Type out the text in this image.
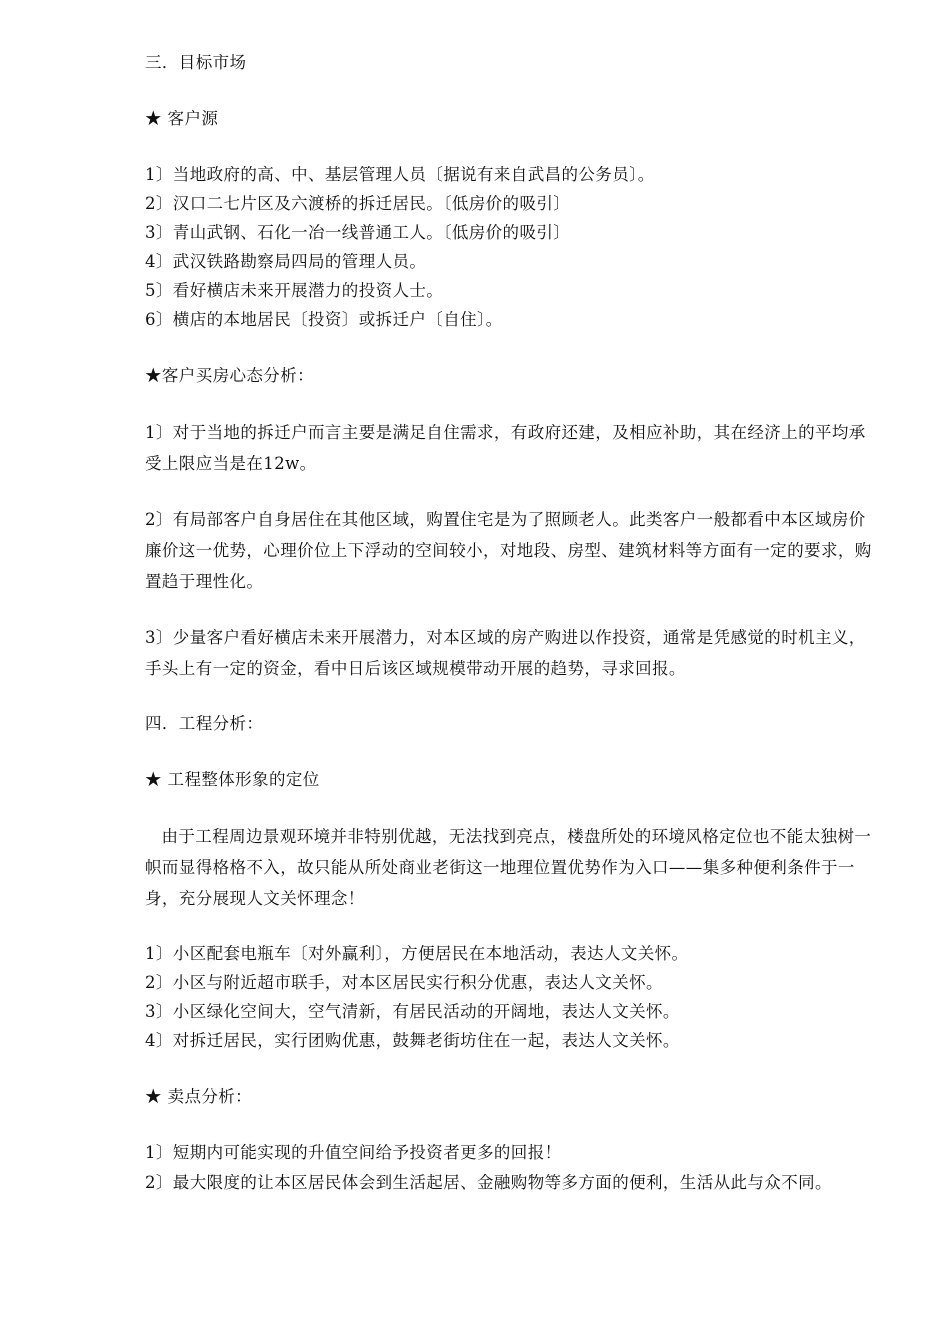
三．目标市场
★ 客户源
1〕当地政府的高、中、基层管理人员〔据说有来自武昌的公务员〕。
2〕汉口二七片区及六渡桥的拆迁居民。〔低房价的吸引〕
3〕青山武钢、石化一冶一线普通工人。〔低房价的吸引〕
4〕武汉铁路勘察局四局的管理人员。
5〕看好横店未来开展潜力的投资人士。
6〕横店的本地居民〔投资〕或拆迁户〔自住〕。
★客户买房心态分析：

1〕对于当地的拆迁户而言主要是满足自住需求，有政府还建，及相应补助，其在经济上的平均承受上限应当是在12w。

2〕有局部客户自身居住在其他区域，购置住宅是为了照顾老人。此类客户一般都看中本区域房价廉价这一优势，心理价位上下浮动的空间较小，对地段、房型、建筑材料等方面有一定的要求，购置趋于理性化。

3〕少量客户看好横店未来开展潜力，对本区域的房产购进以作投资，通常是凭感觉的时机主义，手头上有一定的资金，看中日后该区域规模带动开展的趋势，寻求回报。

四．工程分析：
★ 工程整体形象的定位

由于工程周边景观环境并非特别优越，无法找到亮点，楼盘所处的环境风格定位也不能太独树一帜而显得格格不入，故只能从所处商业老街这一地理位置优势作为入口——集多种便利条件于一身，充分展现人文关怀理念！

1〕小区配套电瓶车〔对外赢利〕，方便居民在本地活动，表达人文关怀。
2〕小区与附近超市联手，对本区居民实行积分优惠，表达人文关怀。
3〕小区绿化空间大，空气清新，有居民活动的开阔地，表达人文关怀。
4〕对拆迁居民，实行团购优惠，鼓舞老街坊住在一起，表达人文关怀。
★ 卖点分析：
1〕短期内可能实现的升值空间给予投资者更多的回报！

2〕最大限度的让本区居民体会到生活起居、金融购物等多方面的便利，生活从此与众不同。
